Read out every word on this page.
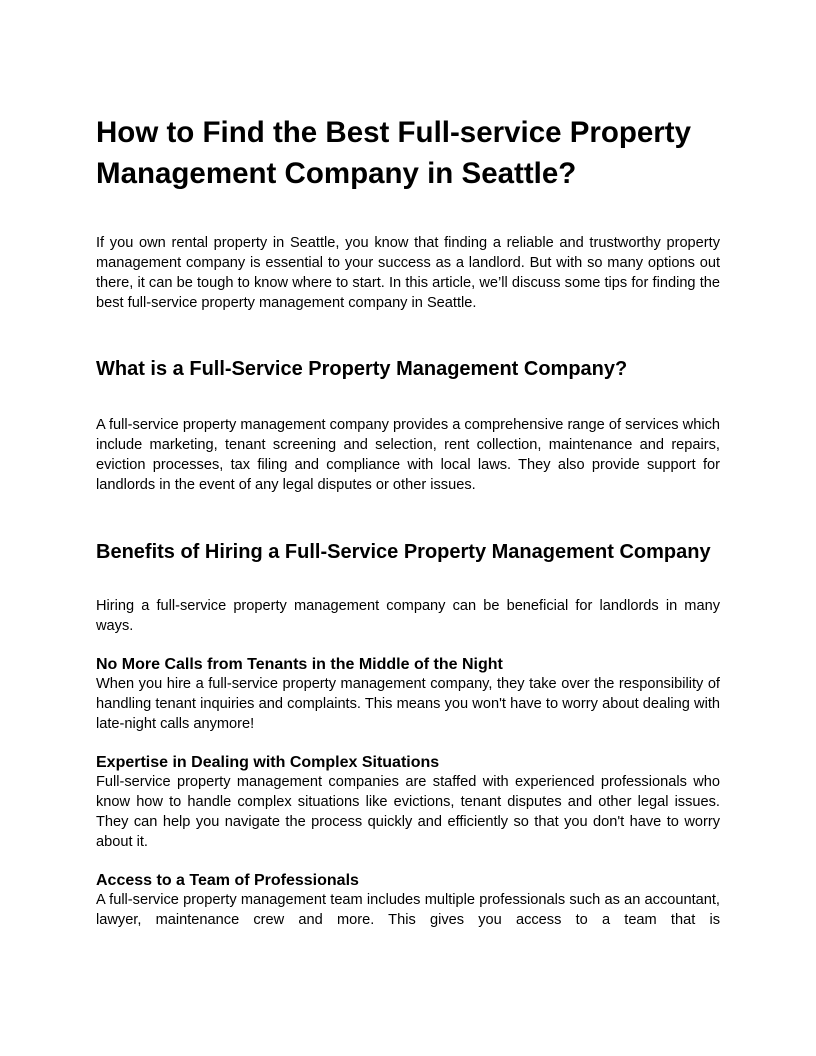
How to Find the Best Full-service Property Management Company in Seattle?

If you own rental property in Seattle, you know that finding a reliable and trustworthy property management company is essential to your success as a landlord. But with so many options out there, it can be tough to know where to start. In this article, we’ll discuss some tips for finding the best full-service property management company in Seattle.

What is a Full-Service Property Management Company?

A full-service property management company provides a comprehensive range of services which include marketing, tenant screening and selection, rent collection, maintenance and repairs, eviction processes, tax filing and compliance with local laws. They also provide support for landlords in the event of any legal disputes or other issues.

Benefits of Hiring a Full-Service Property Management Company

Hiring a full-service property management company can be beneficial for landlords in many ways.

No More Calls from Tenants in the Middle of the Night

When you hire a full-service property management company, they take over the responsibility of handling tenant inquiries and complaints. This means you won't have to worry about dealing with late-night calls anymore!

Expertise in Dealing with Complex Situations

Full-service property management companies are staffed with experienced professionals who know how to handle complex situations like evictions, tenant disputes and other legal issues. They can help you navigate the process quickly and efficiently so that you don't have to worry about it.

Access to a Team of Professionals

A full-service property management team includes multiple professionals such as an accountant, lawyer, maintenance crew and more. This gives you access to a team that is
